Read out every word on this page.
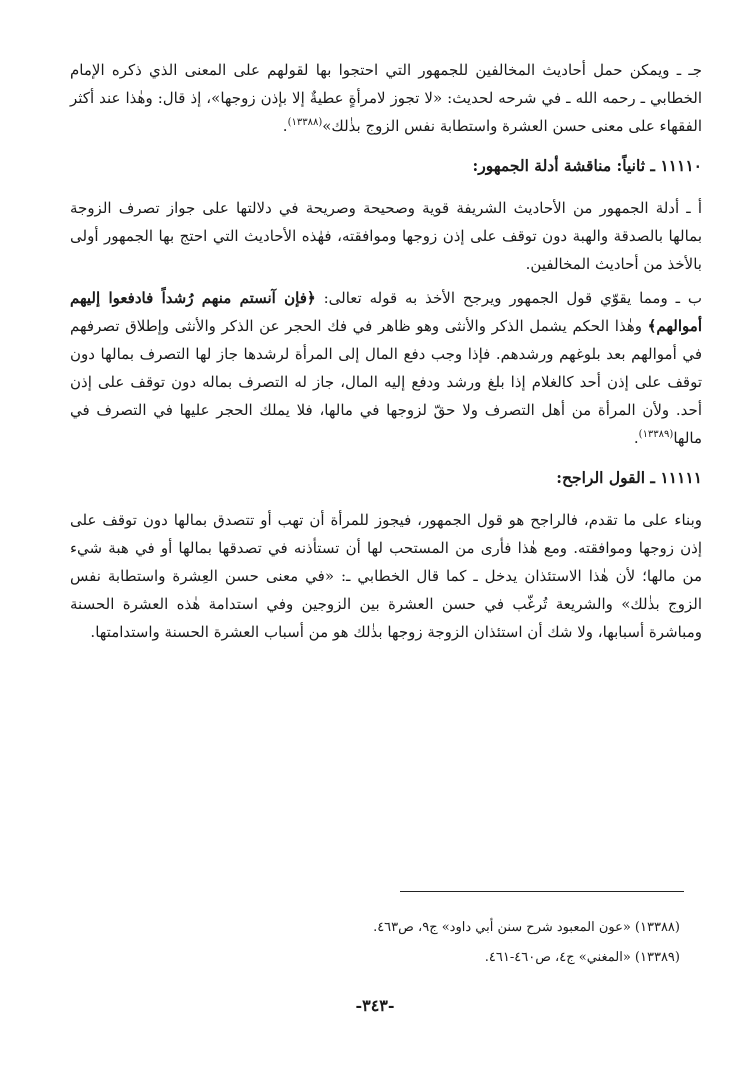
جـ ـ ويمكن حمل أحاديث المخالفين للجمهور التي احتجوا بها لقولهم على المعنى الذي ذكره الإمام الخطابي ـ رحمه الله ـ في شرحه لحديث: «لا تجوز لامرأةٍ عطيةٌ إلا بإذن زوجها»، إذ قال: وهٰذا عند أكثر الفقهاء على معنى حسن العشرة واستطابة نفس الزوج بذٰلك»$^{(١٣٣٨٨)}$.

١١١١٠ ـ ثانياً: مناقشة أدلة الجمهور:

أ ـ أدلة الجمهور من الأحاديث الشريفة قوية وصحيحة وصريحة في دلالتها على جواز تصرف الزوجة بمالها بالصدقة والهبة دون توقف على إذن زوجها وموافقته، فهٰذه الأحاديث التي احتج بها الجمهور أولى بالأخذ من أحاديث المخالفين.

ب ـ ومما يقوّي قول الجمهور ويرجح الأخذ به قوله تعالى: ﴿فإن آنستم منهم رُشداً فادفعوا إليهم أموالهم﴾ وهٰذا الحكم يشمل الذكر والأنثى وهو ظاهر في فك الحجر عن الذكر والأنثى وإطلاق تصرفهم في أموالهم بعد بلوغهم ورشدهم. فإذا وجب دفع المال إلى المرأة لرشدها جاز لها التصرف بمالها دون توقف على إذن أحد كالغلام إذا بلغ ورشد ودفع إليه المال، جاز له التصرف بماله دون توقف على إذن أحد. ولأن المرأة من أهل التصرف ولا حقّ لزوجها في مالها، فلا يملك الحجر عليها في التصرف في مالها$^{(١٣٣٨٩)}$.

١١١١١ ـ القول الراجح:

وبناء على ما تقدم، فالراجح هو قول الجمهور، فيجوز للمرأة أن تهب أو تتصدق بمالها دون توقف على إذن زوجها وموافقته. ومع هٰذا فأرى من المستحب لها أن تستأذنه في تصدقها بمالها أو في هبة شيء من مالها؛ لأن هٰذا الاستئذان يدخل ـ كما قال الخطابي ـ: «في معنى حسن العِشرة واستطابة نفس الزوج بذٰلك» والشريعة تُرغّب في حسن العشرة بين الزوجين وفي استدامة هٰذه العشرة الحسنة ومباشرة أسبابها، ولا شك أن استئذان الزوجة زوجها بذٰلك هو من أسباب العشرة الحسنة واستدامتها.

(١٣٣٨٨) «عون المعبود شرح سنن أبي داود» ج٩، ص٤٦٣.

(١٣٣٨٩) «المغني» ج٤، ص٤٦٠-٤٦١.

-٣٤٣-
